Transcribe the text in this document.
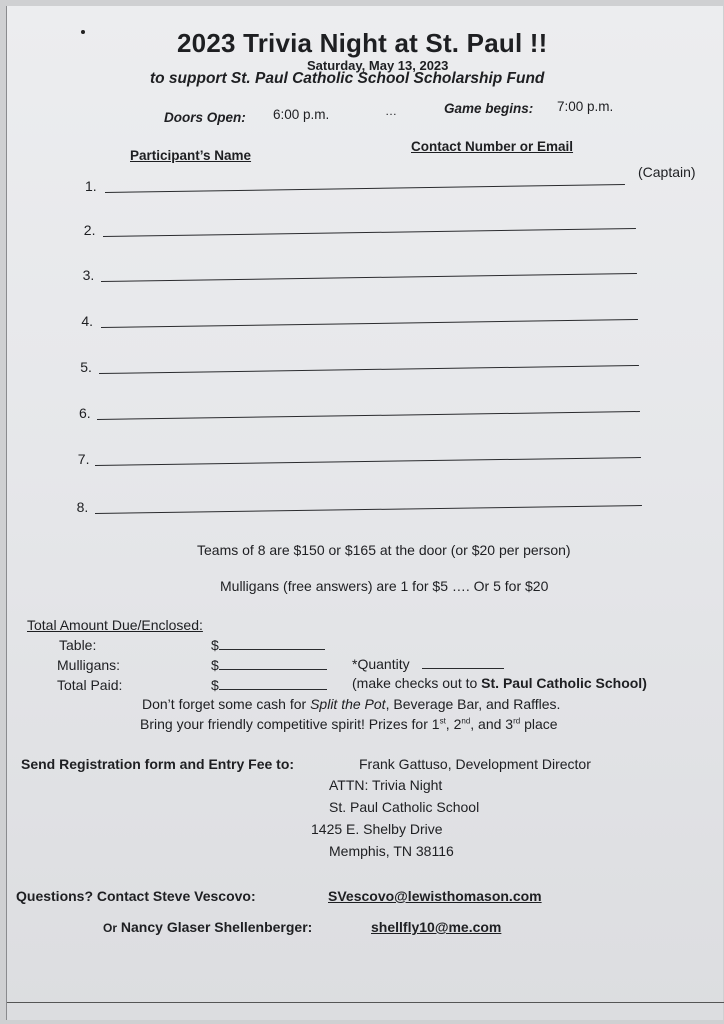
2023 Trivia Night at St. Paul !!
Saturday, May 13, 2023
to support St. Paul Catholic School Scholarship Fund
Doors Open: 6:00 p.m.	…	Game begins: 7:00 p.m.
Participant’s Name
Contact Number or Email
(Captain)
1.
2.
3.
4.
5.
6.
7.
8.
Teams of 8 are $150 or $165 at the door (or $20 per person)
Mulligans (free answers) are 1 for $5 …. Or 5 for $20
Total Amount Due/Enclosed:
Table:	$
Mulligans:	$
Total Paid:	$
*Quantity
(make checks out to St. Paul Catholic School)
Don’t forget some cash for Split the Pot, Beverage Bar, and Raffles.
Bring your friendly competitive spirit! Prizes for 1st, 2nd, and 3rd place
Send Registration form and Entry Fee to:	Frank Gattuso, Development Director
ATTN: Trivia Night
St. Paul Catholic School
1425 E. Shelby Drive
Memphis, TN 38116
Questions? Contact Steve Vescovo:	SVescovo@lewisthomason.com
Or Nancy Glaser Shellenberger:	shellfly10@me.com
